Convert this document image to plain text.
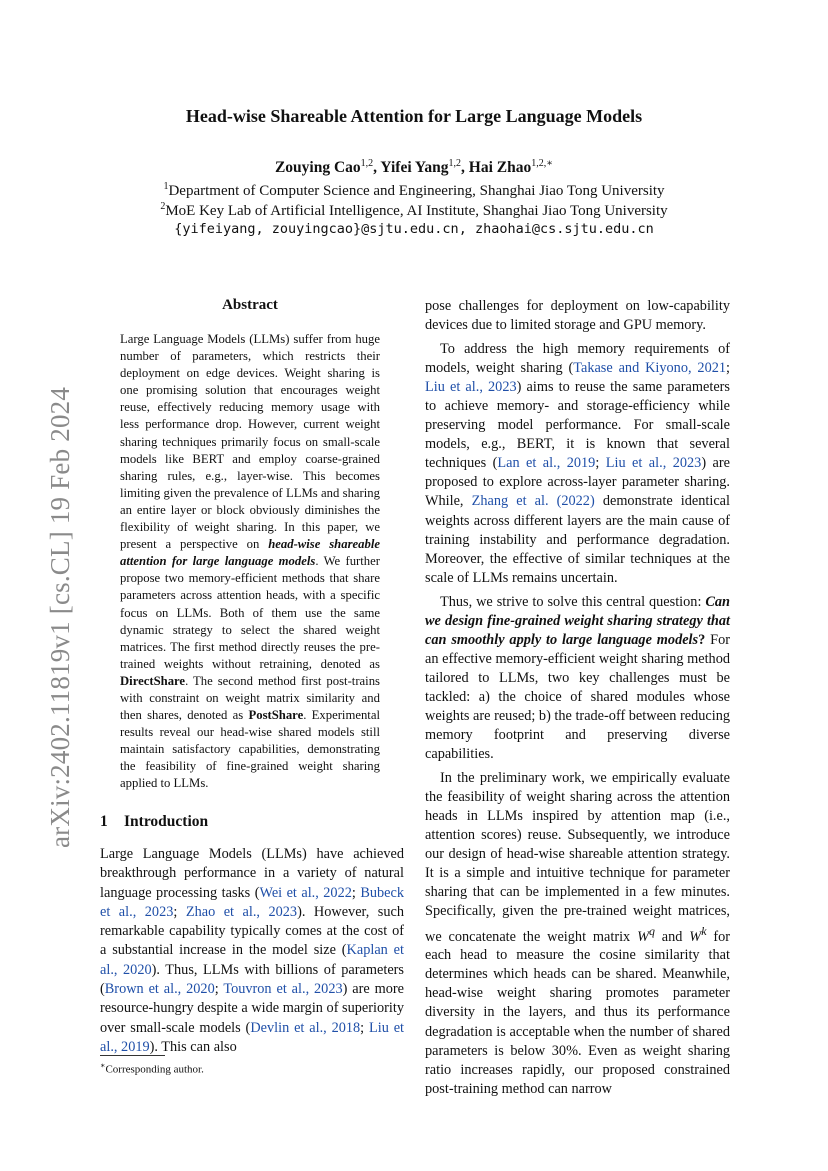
Head-wise Shareable Attention for Large Language Models
Zouying Cao$^{1,2}$, Yifei Yang$^{1,2}$, Hai Zhao$^{1,2,∗}$
$^1$Department of Computer Science and Engineering, Shanghai Jiao Tong University
$^2$MoE Key Lab of Artificial Intelligence, AI Institute, Shanghai Jiao Tong University
{yifeiyang, zouyingcao}@sjtu.edu.cn, zhaohai@cs.sjtu.edu.cn
arXiv:2402.11819v1 [cs.CL] 19 Feb 2024
Abstract
Large Language Models (LLMs) suffer from huge number of parameters, which restricts their deployment on edge devices. Weight sharing is one promising solution that encourages weight reuse, effectively reducing memory usage with less performance drop. However, current weight sharing techniques primarily focus on small-scale models like BERT and employ coarse-grained sharing rules, e.g., layer-wise. This becomes limiting given the prevalence of LLMs and sharing an entire layer or block obviously diminishes the flexibility of weight sharing. In this paper, we present a perspective on head-wise shareable attention for large language models. We further propose two memory-efficient methods that share parameters across attention heads, with a specific focus on LLMs. Both of them use the same dynamic strategy to select the shared weight matrices. The first method directly reuses the pre-trained weights without retraining, denoted as DirectShare. The second method first post-trains with constraint on weight matrix similarity and then shares, denoted as PostShare. Experimental results reveal our head-wise shared models still maintain satisfactory capabilities, demonstrating the feasibility of fine-grained weight sharing applied to LLMs.
1 Introduction
Large Language Models (LLMs) have achieved breakthrough performance in a variety of natural language processing tasks (Wei et al., 2022; Bubeck et al., 2023; Zhao et al., 2023). However, such remarkable capability typically comes at the cost of a substantial increase in the model size (Kaplan et al., 2020). Thus, LLMs with billions of parameters (Brown et al., 2020; Touvron et al., 2023) are more resource-hungry despite a wide margin of superiority over small-scale models (Devlin et al., 2018; Liu et al., 2019). This can also

pose challenges for deployment on low-capability devices due to limited storage and GPU memory.

To address the high memory requirements of models, weight sharing (Takase and Kiyono, 2021; Liu et al., 2023) aims to reuse the same parameters to achieve memory- and storage-efficiency while preserving model performance. For small-scale models, e.g., BERT, it is known that several techniques (Lan et al., 2019; Liu et al., 2023) are proposed to explore across-layer parameter sharing. While, Zhang et al. (2022) demonstrate identical weights across different layers are the main cause of training instability and performance degradation. Moreover, the effective of similar techniques at the scale of LLMs remains uncertain.

Thus, we strive to solve this central question: Can we design fine-grained weight sharing strategy that can smoothly apply to large language models? For an effective memory-efficient weight sharing method tailored to LLMs, two key challenges must be tackled: a) the choice of shared modules whose weights are reused; b) the trade-off between reducing memory footprint and preserving diverse capabilities.

In the preliminary work, we empirically evaluate the feasibility of weight sharing across the attention heads in LLMs inspired by attention map (i.e., attention scores) reuse. Subsequently, we introduce our design of head-wise shareable attention strategy. It is a simple and intuitive technique for parameter sharing that can be implemented in a few minutes. Specifically, given the pre-trained weight matrices, we concatenate the weight matrix $W^q$ and $W^k$ for each head to measure the cosine similarity that determines which heads can be shared. Meanwhile, head-wise weight sharing promotes parameter diversity in the layers, and thus its performance degradation is acceptable when the number of shared parameters is below 30%. Even as weight sharing ratio increases rapidly, our proposed constrained post-training method can narrow

∗Corresponding author.
